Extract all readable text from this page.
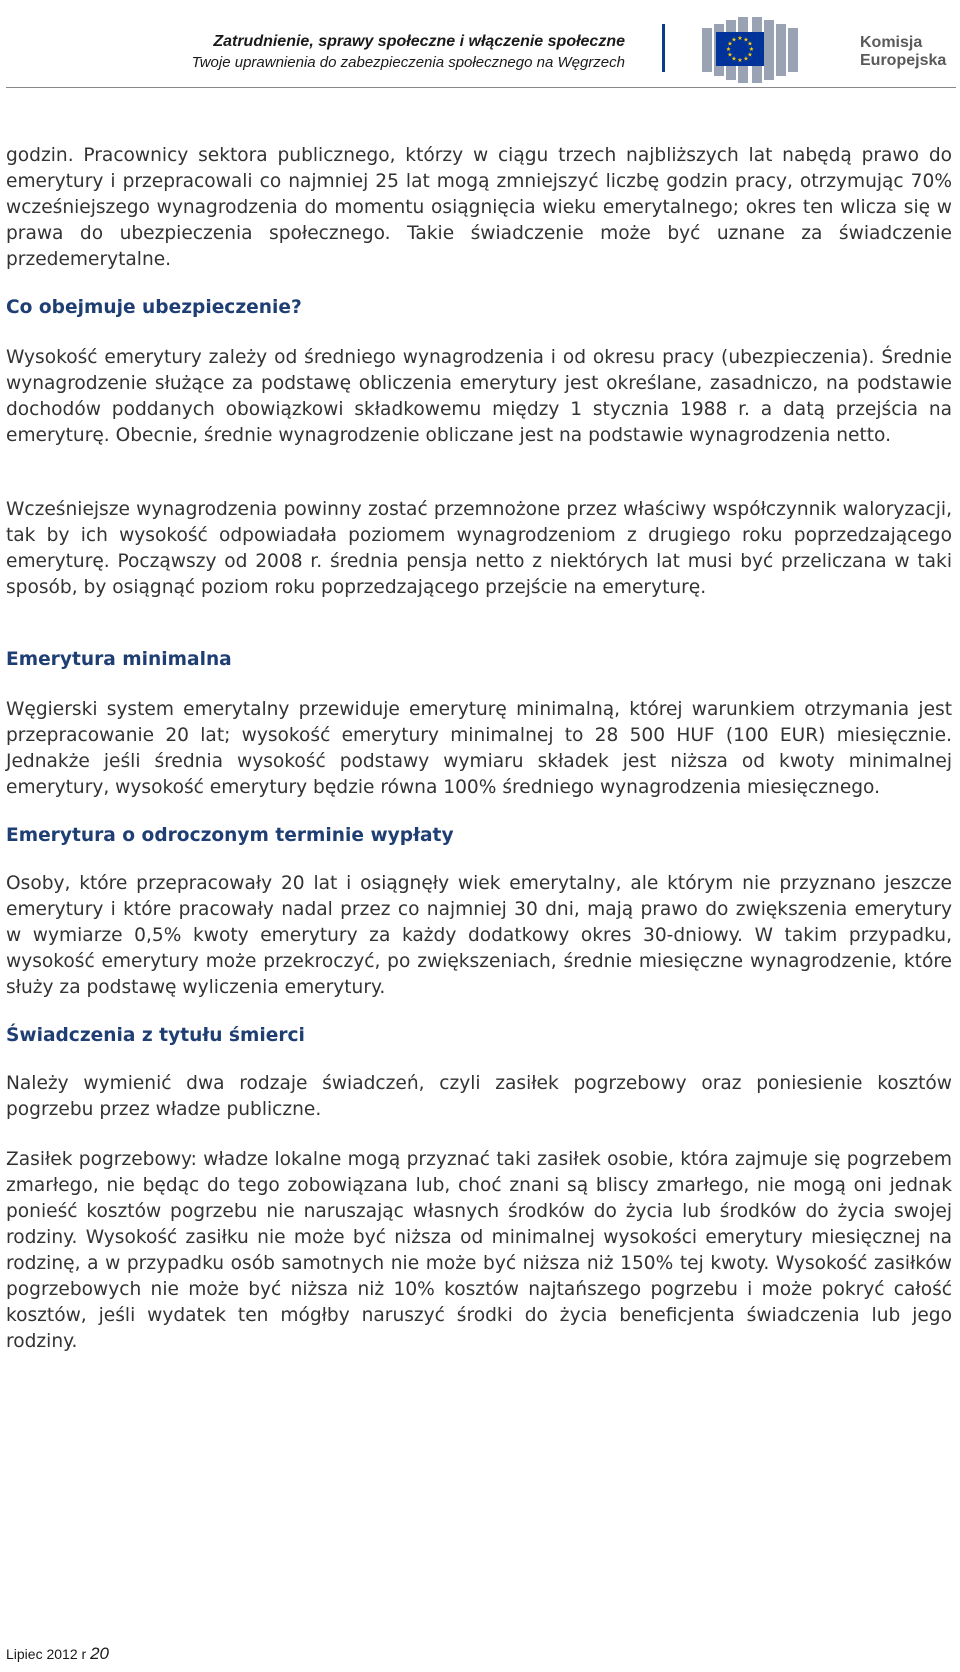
Zatrudnienie, sprawy społeczne i włączenie społeczne
Twoje uprawnienia do zabezpieczenia społecznego na Węgrzech
★ ★
★
★
★
★
★
★
★
★
★
★	Komisja
Europejska

godzin. Pracownicy sektora publicznego, którzy w ciągu trzech najbliższych lat nabędą prawo do emerytury i przepracowali co najmniej 25 lat mogą zmniejszyć liczbę godzin pracy, otrzymując 70% wcześniejszego wynagrodzenia do momentu osiągnięcia wieku emerytalnego; okres ten wlicza się w prawa do ubezpieczenia społecznego. Takie świadczenie może być uznane za świadczenie przedemerytalne.

Co obejmuje ubezpieczenie?

Wysokość emerytury zależy od średniego wynagrodzenia i od okresu pracy (ubezpieczenia). Średnie wynagrodzenie służące za podstawę obliczenia emerytury jest określane, zasadniczo, na podstawie dochodów poddanych obowiązkowi składkowemu między 1 stycznia 1988 r. a datą przejścia na emeryturę. Obecnie, średnie wynagrodzenie obliczane jest na podstawie wynagrodzenia netto.

Wcześniejsze wynagrodzenia powinny zostać przemnożone przez właściwy współczynnik waloryzacji, tak by ich wysokość odpowiadała poziomem wynagrodzeniom z drugiego roku poprzedzającego emeryturę. Począwszy od 2008 r. średnia pensja netto z niektórych lat musi być przeliczana w taki sposób, by osiągnąć poziom roku poprzedzającego przejście na emeryturę.

Emerytura minimalna

Węgierski system emerytalny przewiduje emeryturę minimalną, której warunkiem otrzymania jest przepracowanie 20 lat; wysokość emerytury minimalnej to 28 500 HUF (100 EUR) miesięcznie. Jednakże jeśli średnia wysokość podstawy wymiaru składek jest niższa od kwoty minimalnej emerytury, wysokość emerytury będzie równa 100% średniego wynagrodzenia miesięcznego.

Emerytura o odroczonym terminie wypłaty

Osoby, które przepracowały 20 lat i osiągnęły wiek emerytalny, ale którym nie przyznano jeszcze emerytury i które pracowały nadal przez co najmniej 30 dni, mają prawo do zwiększenia emerytury w wymiarze 0,5% kwoty emerytury za każdy dodatkowy okres 30-dniowy. W takim przypadku, wysokość emerytury może przekroczyć, po zwiększeniach, średnie miesięczne wynagrodzenie, które służy za podstawę wyliczenia emerytury.

Świadczenia z tytułu śmierci

Należy wymienić dwa rodzaje świadczeń, czyli zasiłek pogrzebowy oraz poniesienie kosztów pogrzebu przez władze publiczne.

Zasiłek pogrzebowy: władze lokalne mogą przyznać taki zasiłek osobie, która zajmuje się pogrzebem zmarłego, nie będąc do tego zobowiązana lub, choć znani są bliscy zmarłego, nie mogą oni jednak ponieść kosztów pogrzebu nie naruszając własnych środków do życia lub środków do życia swojej rodziny. Wysokość zasiłku nie może być niższa od minimalnej wysokości emerytury miesięcznej na rodzinę, a w przypadku osób samotnych nie może być niższa niż 150% tej kwoty. Wysokość zasiłków pogrzebowych nie może być niższa niż 10% kosztów najtańszego pogrzebu i może pokryć całość kosztów, jeśli wydatek ten mógłby naruszyć środki do życia beneficjenta świadczenia lub jego rodziny.

Lipiec 2012 r 20
